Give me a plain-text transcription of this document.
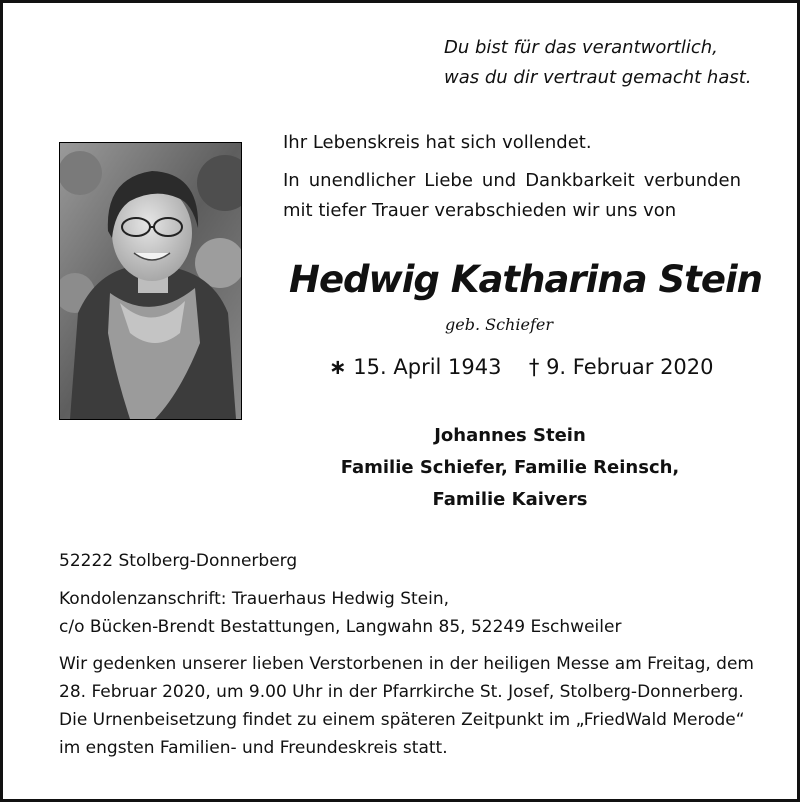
Du bist für das verantwortlich,
was du dir vertraut gemacht hast.
Ihr Lebenskreis hat sich vollendet.
In unendlicher Liebe und Dankbarkeit verbunden
mit tiefer Trauer verabschieden wir uns von
Hedwig Katharina Stein
geb. Schiefer
∗ 15. April 1943 † 9. Februar 2020
Johannes Stein
Familie Schiefer, Familie Reinsch,
Familie Kaivers
52222 Stolberg-Donnerberg
Kondolenzanschrift: Trauerhaus Hedwig Stein,
c/o Bücken-Brendt Bestattungen, Langwahn 85, 52249 Eschweiler
Wir gedenken unserer lieben Verstorbenen in der heiligen Messe am Freitag, dem
28. Februar 2020, um 9.00 Uhr in der Pfarrkirche St. Josef, Stolberg-Donnerberg.
Die Urnenbeisetzung findet zu einem späteren Zeitpunkt im „FriedWald Merode“
im engsten Familien- und Freundeskreis statt.
